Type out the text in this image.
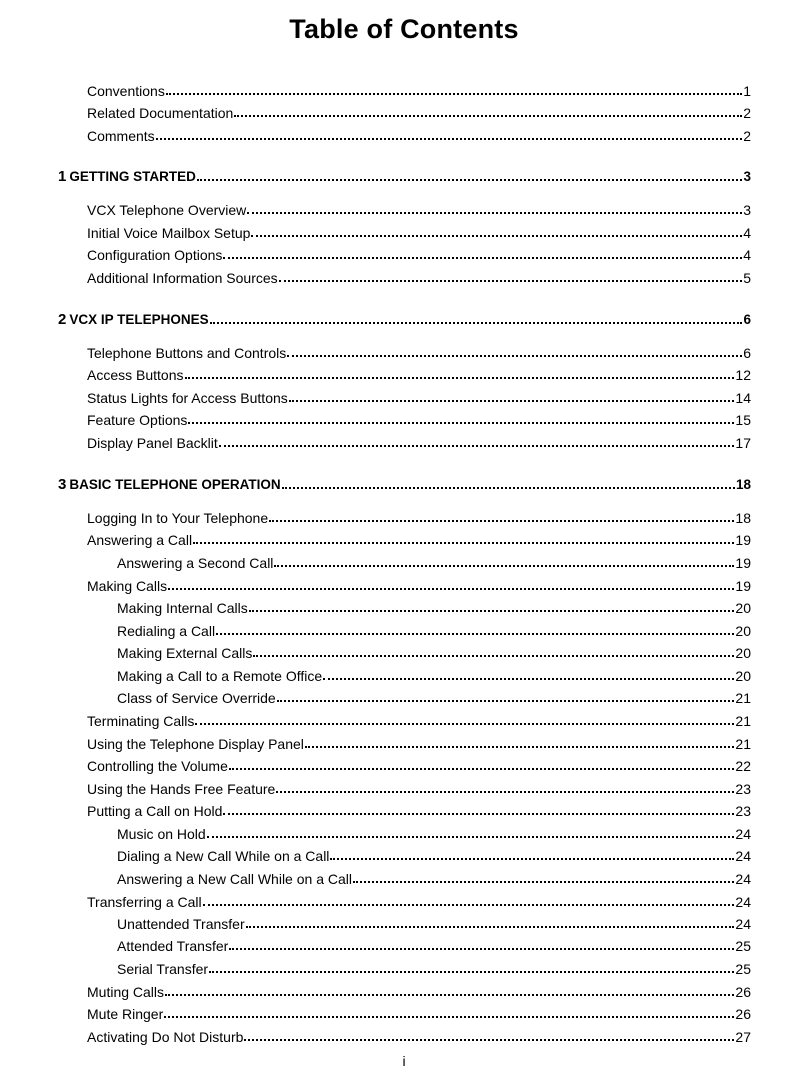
Table of Contents
Conventions	1
Related Documentation	2
Comments	2
1 GETTING STARTED	3
VCX Telephone Overview	3
Initial Voice Mailbox Setup	4
Configuration Options	4
Additional Information Sources	5
2 VCX IP TELEPHONES	6
Telephone Buttons and Controls	6
Access Buttons	12
Status Lights for Access Buttons	14
Feature Options	15
Display Panel Backlit	17
3 BASIC TELEPHONE OPERATION	18
Logging In to Your Telephone	18
Answering a Call	19
Answering a Second Call	19
Making Calls	19
Making Internal Calls	20
Redialing a Call	20
Making External Calls	20
Making a Call to a Remote Office	20
Class of Service Override	21
Terminating Calls	21
Using the Telephone Display Panel	21
Controlling the Volume	22
Using the Hands Free Feature	23
Putting a Call on Hold	23
Music on Hold	24
Dialing a New Call While on a Call	24
Answering a New Call While on a Call	24
Transferring a Call	24
Unattended Transfer	24
Attended Transfer	25
Serial Transfer	25
Muting Calls	26
Mute Ringer	26
Activating Do Not Disturb	27
i
